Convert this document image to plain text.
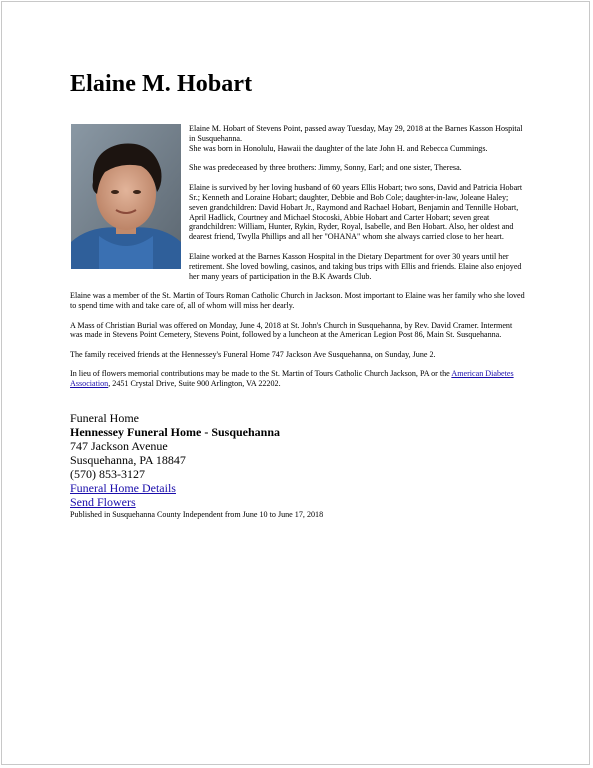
Elaine M. Hobart

Elaine M. Hobart of Stevens Point, passed away Tuesday, May 29, 2018 at the Barnes Kasson Hospital in Susquehanna.
She was born in Honolulu, Hawaii the daughter of the late John H. and Rebecca Cummings.

She was predeceased by three brothers: Jimmy, Sonny, Earl; and one sister, Theresa.

Elaine is survived by her loving husband of 60 years Ellis Hobart; two sons, David and Patricia Hobart Sr.; Kenneth and Loraine Hobart; daughter, Debbie and Bob Cole; daughter-in-law, Joleane Haley; seven grandchildren: David Hobart Jr., Raymond and Rachael Hobart, Benjamin and Tennille Hobart, April Hadlick, Courtney and Michael Stocoski, Abbie Hobart and Carter Hobart; seven great grandchildren: William, Hunter, Rykin, Ryder, Royal, Isabelle, and Ben Hobart. Also, her oldest and dearest friend, Twylla Phillips and all her "OHANA" whom she always carried close to her heart.

Elaine worked at the Barnes Kasson Hospital in the Dietary Department for over 30 years until her retirement. She loved bowling, casinos, and taking bus trips with Ellis and friends. Elaine also enjoyed her many years of participation in the B.K Awards Club.

Elaine was a member of the St. Martin of Tours Roman Catholic Church in Jackson. Most important to Elaine was her family who she loved to spend time with and take care of, all of whom will miss her dearly.

A Mass of Christian Burial was offered on Monday, June 4, 2018 at St. John's Church in Susquehanna, by Rev. David Cramer. Interment was made in Stevens Point Cemetery, Stevens Point, followed by a luncheon at the American Legion Post 86, Main St. Susquehanna.

The family received friends at the Hennessey's Funeral Home 747 Jackson Ave Susquehanna, on Sunday, June 2.

In lieu of flowers memorial contributions may be made to the St. Martin of Tours Catholic Church Jackson, PA or the American Diabetes Association, 2451 Crystal Drive, Suite 900 Arlington, VA 22202.

Funeral Home
Hennessey Funeral Home - Susquehanna
747 Jackson Avenue
Susquehanna, PA 18847
(570) 853-3127
Funeral Home Details
Send Flowers
Published in Susquehanna County Independent from June 10 to June 17, 2018
